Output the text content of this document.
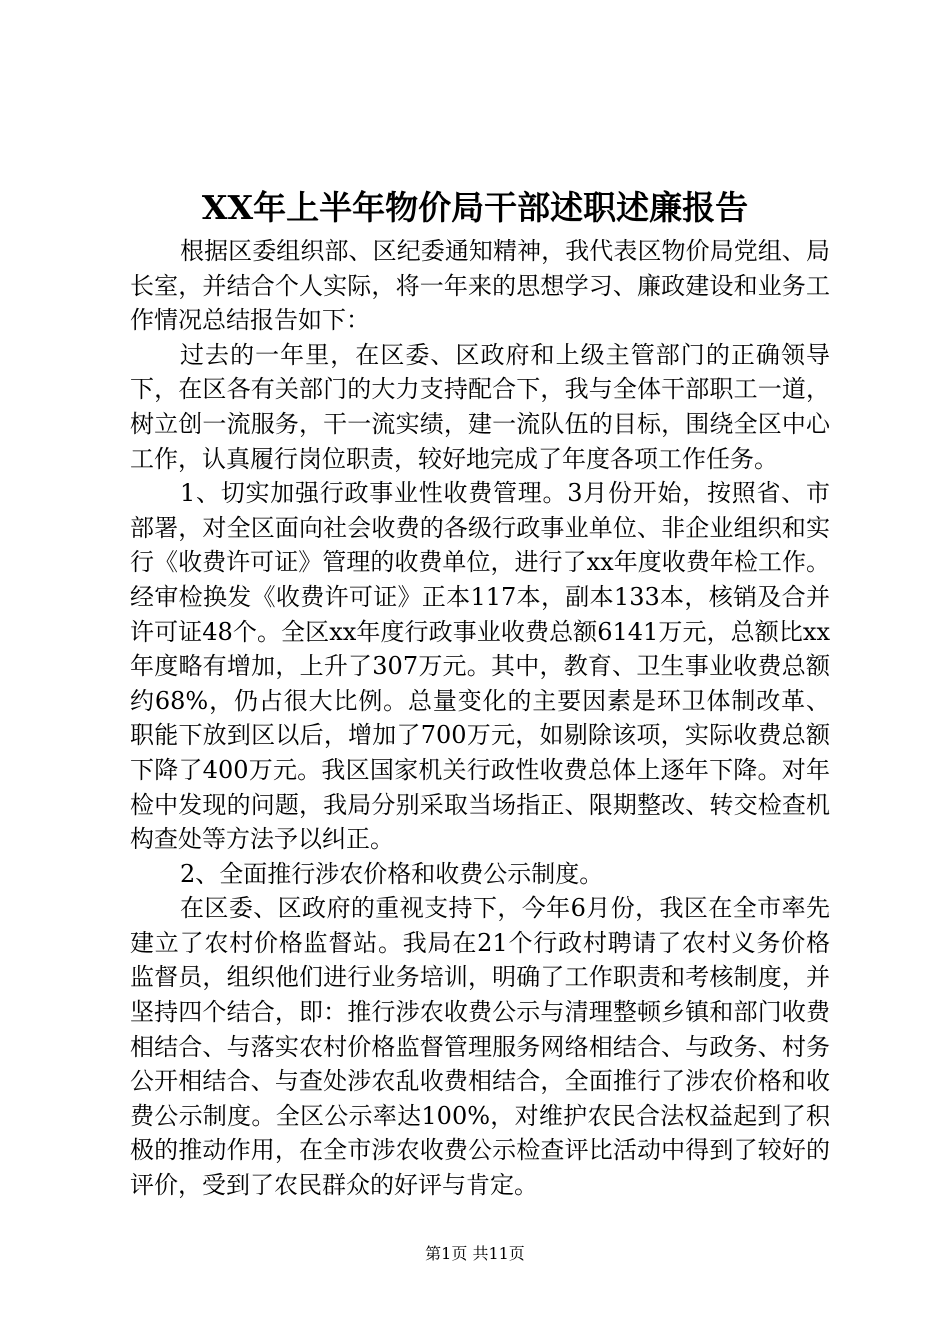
XX年上半年物价局干部述职述廉报告

根据区委组织部、区纪委通知精神，我代表区物价局党组、局长室，并结合个人实际，将一年来的思想学习、廉政建设和业务工作情况总结报告如下：

过去的一年里，在区委、区政府和上级主管部门的正确领导下，在区各有关部门的大力支持配合下，我与全体干部职工一道，树立创一流服务，干一流实绩，建一流队伍的目标，围绕全区中心工作，认真履行岗位职责，较好地完成了年度各项工作任务。

1、切实加强行政事业性收费管理。3月份开始，按照省、市部署，对全区面向社会收费的各级行政事业单位、非企业组织和实行《收费许可证》管理的收费单位，进行了xx年度收费年检工作。经审检换发《收费许可证》正本117本，副本133本，核销及合并许可证48个。全区xx年度行政事业收费总额6141万元，总额比xx年度略有增加，上升了307万元。其中，教育、卫生事业收费总额约68%，仍占很大比例。总量变化的主要因素是环卫体制改革、职能下放到区以后，增加了700万元，如剔除该项，实际收费总额下降了400万元。我区国家机关行政性收费总体上逐年下降。对年检中发现的问题，我局分别采取当场指正、限期整改、转交检查机构查处等方法予以纠正。

2、全面推行涉农价格和收费公示制度。

在区委、区政府的重视支持下，今年6月份，我区在全市率先建立了农村价格监督站。我局在21个行政村聘请了农村义务价格监督员，组织他们进行业务培训，明确了工作职责和考核制度，并坚持四个结合，即：推行涉农收费公示与清理整顿乡镇和部门收费相结合、与落实农村价格监督管理服务网络相结合、与政务、村务公开相结合、与查处涉农乱收费相结合，全面推行了涉农价格和收费公示制度。全区公示率达100%，对维护农民合法权益起到了积极的推动作用，在全市涉农收费公示检查评比活动中得到了较好的评价，受到了农民群众的好评与肯定。

第1页 共11页
